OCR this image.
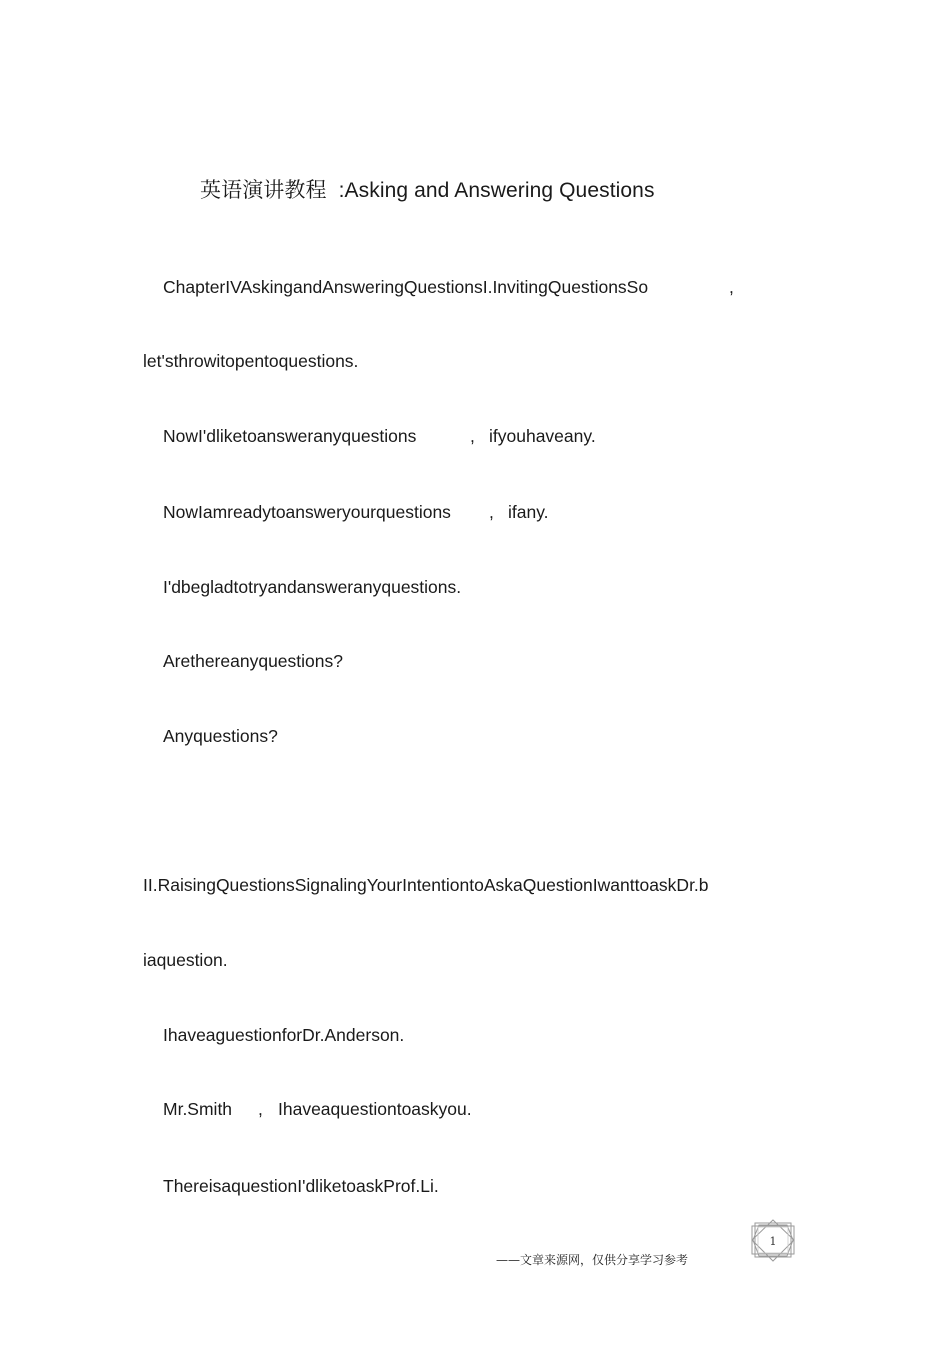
英语演讲教程 :Asking and Answering Questions
ChapterIVAskingandAnsweringQuestionsI.InvitingQuestionsSo	,
let'sthrowitopentoquestions.
NowI'dliketoansweranyquestions	, ifyouhaveany.
NowIamreadytoansweryourquestions , ifany.
I'dbegladtotryandansweranyquestions.
Arethereanyquestions?
Anyquestions?
II.RaisingQuestionsSignalingYourIntentiontoAskaQuestionIwanttoaskDr.b
iaquestion.
IhaveaguestionforDr.Anderson.
Mr.Smith , Ihaveaquestiontoaskyou.
ThereisaquestionI'dliketoaskProf.Li.
——文章来源网，仅供分享学习参考
1
